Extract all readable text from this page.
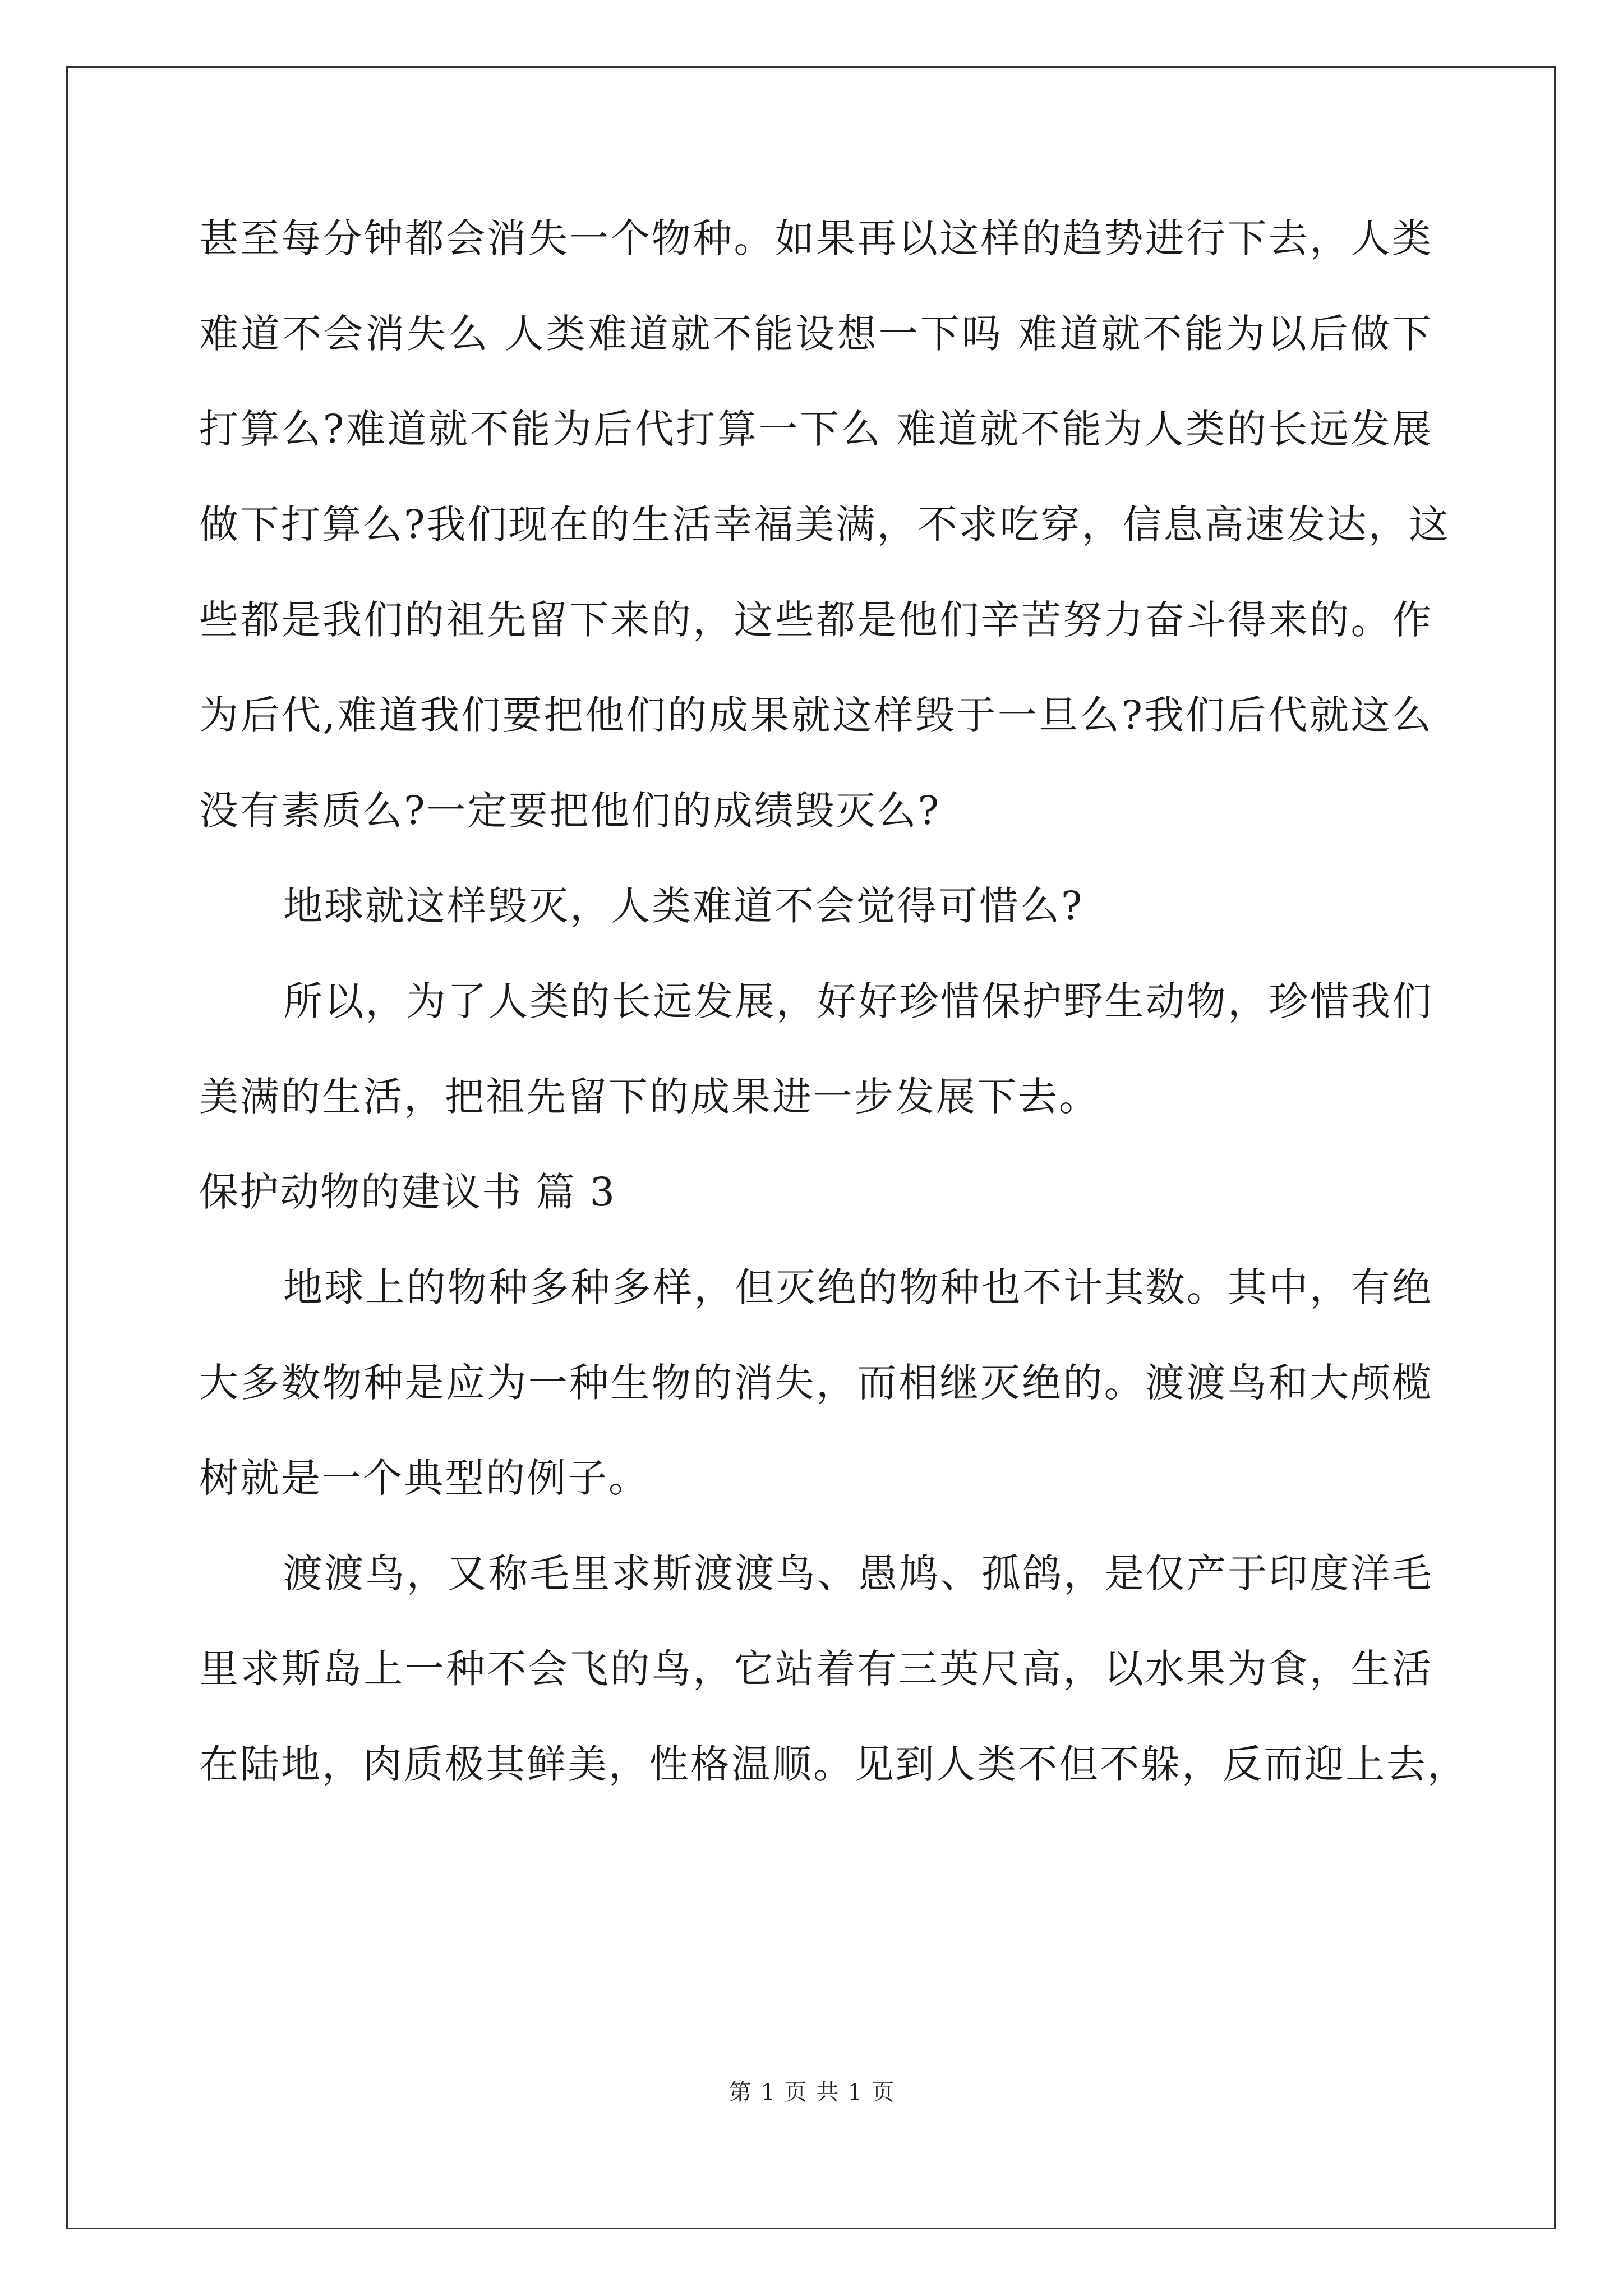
甚至每分钟都会消失一个物种。如果再以这样的趋势进行下去，人类
难道不会消失么 人类难道就不能设想一下吗 难道就不能为以后做下
打算么?难道就不能为后代打算一下么 难道就不能为人类的长远发展
做下打算么?我们现在的生活幸福美满，不求吃穿，信息高速发达，这
些都是我们的祖先留下来的，这些都是他们辛苦努力奋斗得来的。作
为后代,难道我们要把他们的成果就这样毁于一旦么?我们后代就这么
没有素质么?一定要把他们的成绩毁灭么?
地球就这样毁灭，人类难道不会觉得可惜么?
所以，为了人类的长远发展，好好珍惜保护野生动物，珍惜我们
美满的生活，把祖先留下的成果进一步发展下去。
保护动物的建议书 篇 3
地球上的物种多种多样，但灭绝的物种也不计其数。其中，有绝
大多数物种是应为一种生物的消失，而相继灭绝的。渡渡鸟和大颅榄
树就是一个典型的例子。
渡渡鸟，又称毛里求斯渡渡鸟、愚鸠、孤鸽，是仅产于印度洋毛
里求斯岛上一种不会飞的鸟，它站着有三英尺高，以水果为食，生活
在陆地，肉质极其鲜美，性格温顺。见到人类不但不躲，反而迎上去，
第 1 页 共 1 页
